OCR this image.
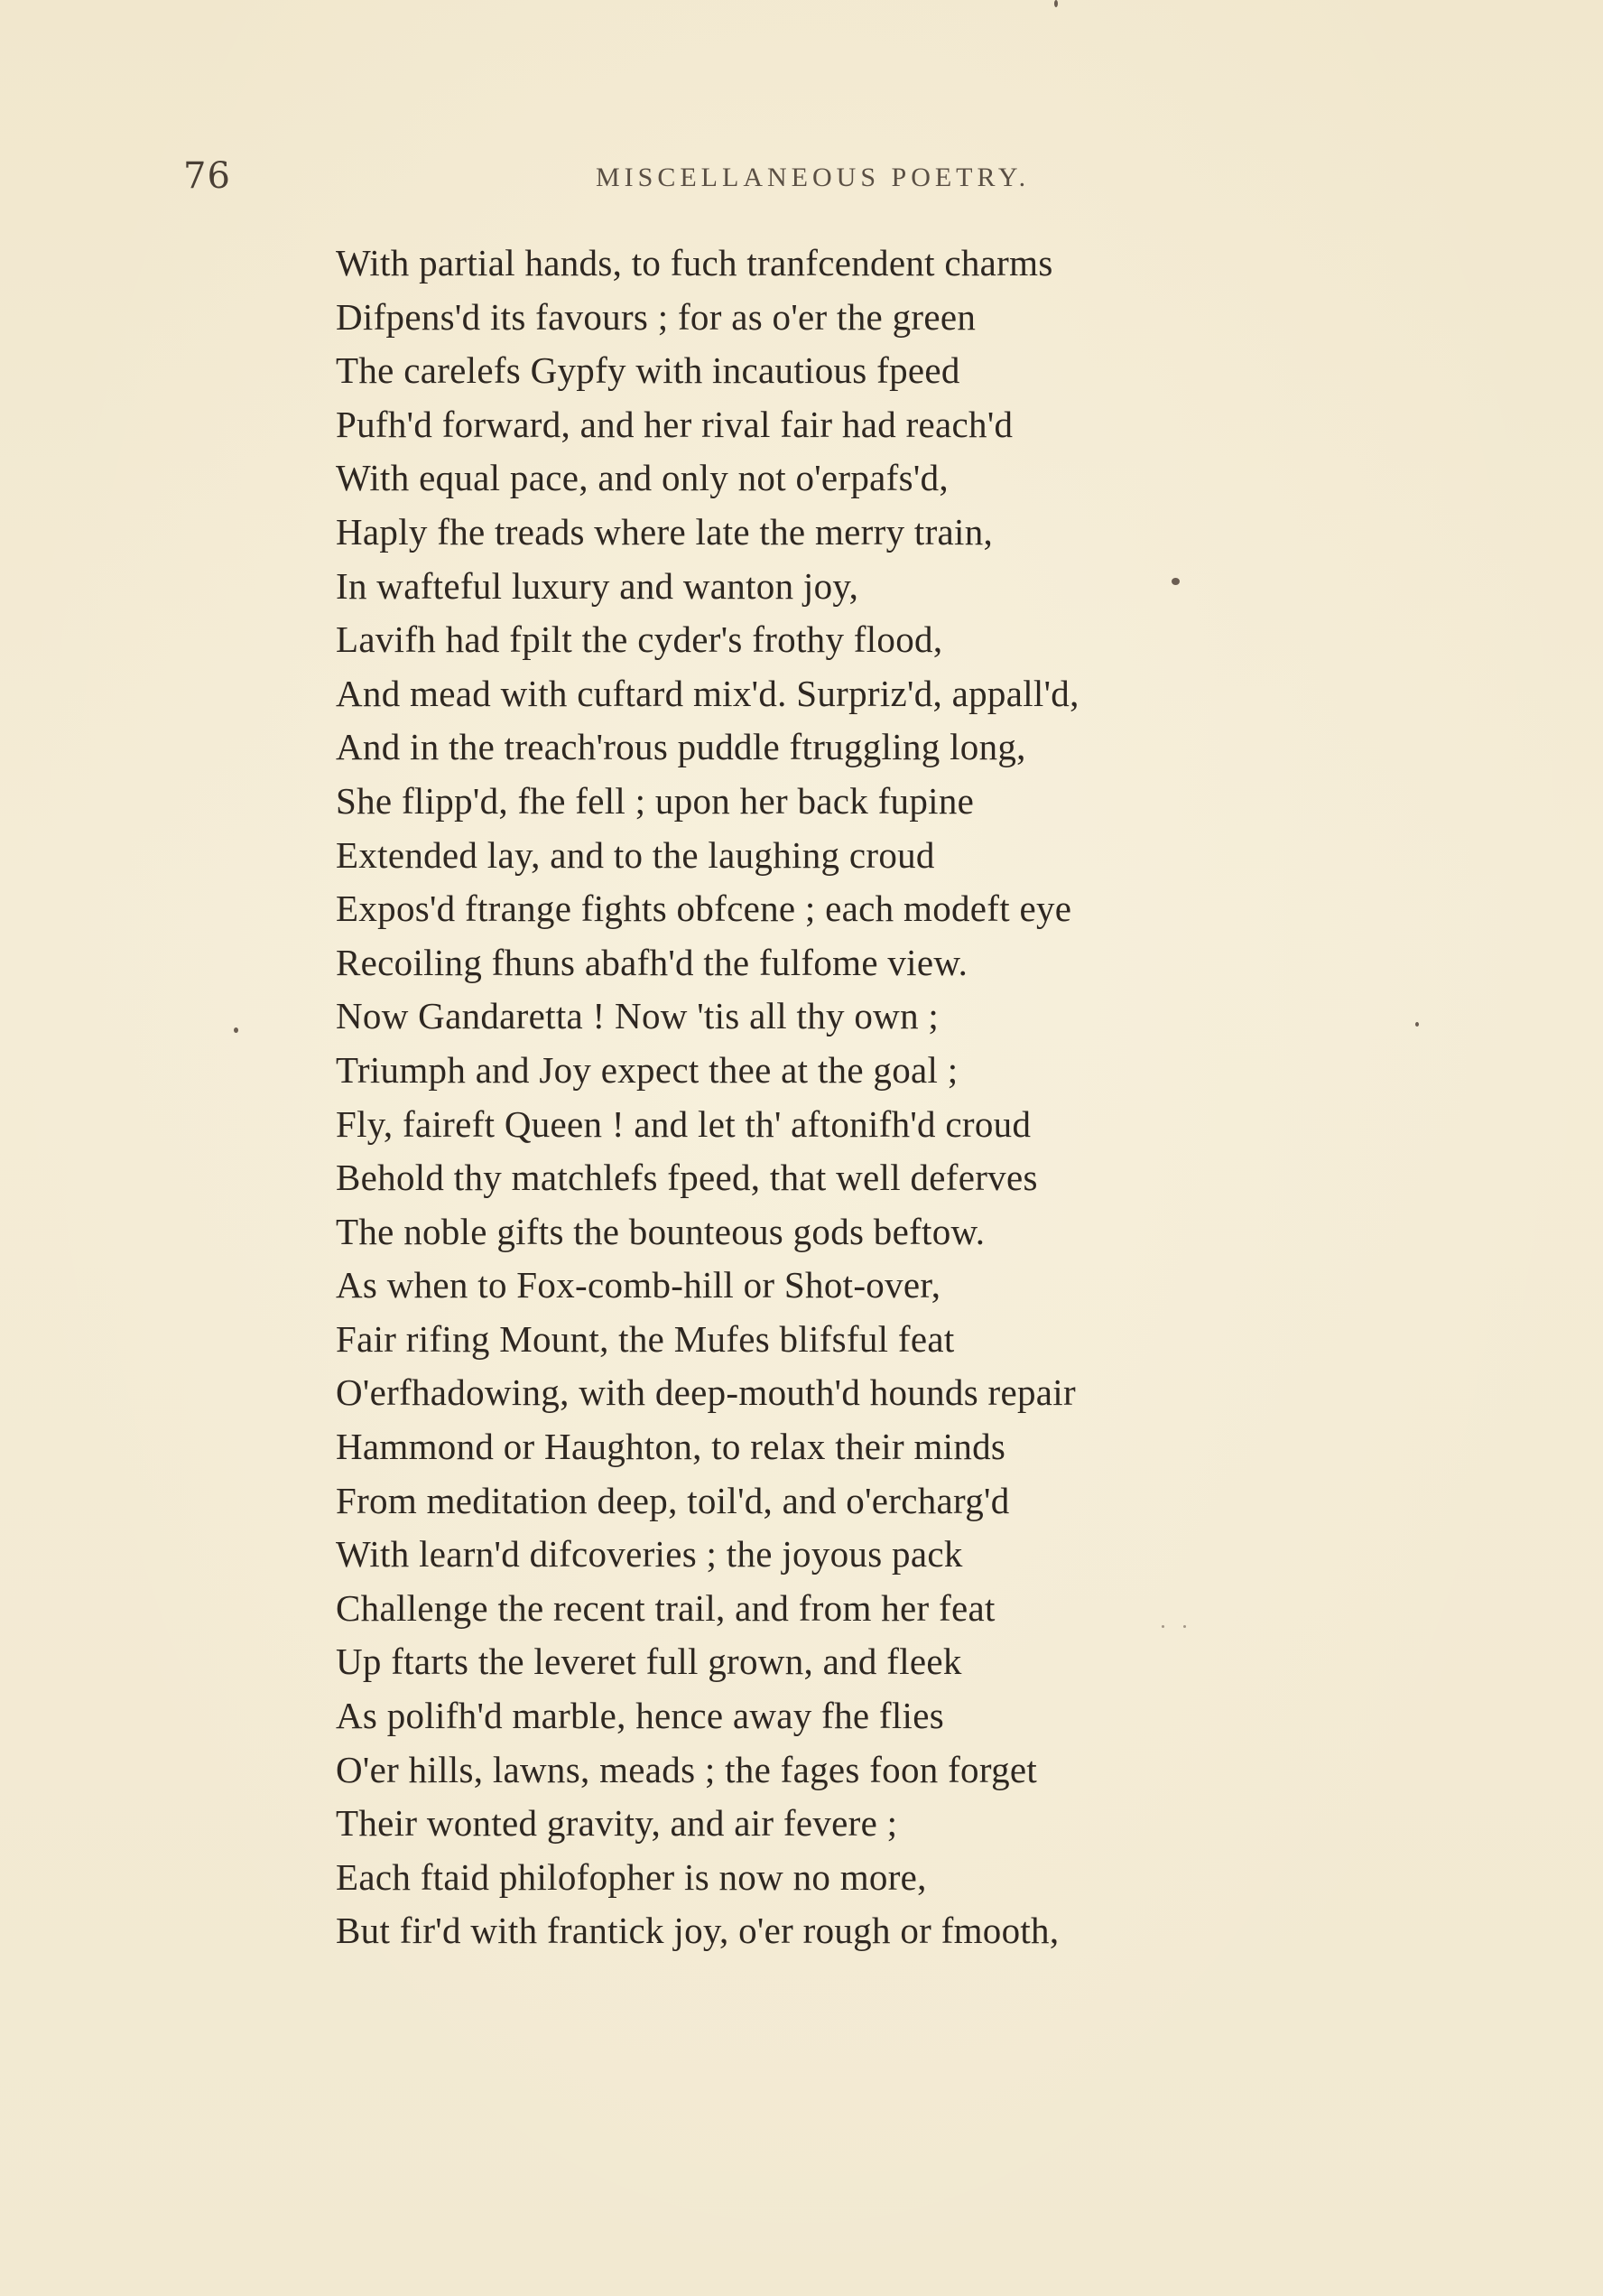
76	MISCELLANEOUS POETRY.
With partial hands, to fuch tranfcendent charms
Difpens'd its favours ; for as o'er the green
The carelefs Gypfy with incautious fpeed
Pufh'd forward, and her rival fair had reach'd
With equal pace, and only not o'erpafs'd,
Haply fhe treads where late the merry train,
In wafteful luxury and wanton joy,
Lavifh had fpilt the cyder's frothy flood,
And mead with cuftard mix'd. Surpriz'd, appall'd,
And in the treach'rous puddle ftruggling long,
She flipp'd, fhe fell ; upon her back fupine
Extended lay, and to the laughing croud
Expos'd ftrange fights obfcene ; each modeft eye
Recoiling fhuns abafh'd the fulfome view.
Now Gandaretta ! Now 'tis all thy own ;
Triumph and Joy expect thee at the goal ;
Fly, faireft Queen ! and let th' aftonifh'd croud
Behold thy matchlefs fpeed, that well deferves
The noble gifts the bounteous gods beftow.
As when to Fox-comb-hill or Shot-over,
Fair rifing Mount, the Mufes blifsful feat
O'erfhadowing, with deep-mouth'd hounds repair
Hammond or Haughton, to relax their minds
From meditation deep, toil'd, and o'ercharg'd
With learn'd difcoveries ; the joyous pack
Challenge the recent trail, and from her feat
Up ftarts the leveret full grown, and fleek
As polifh'd marble, hence away fhe flies
O'er hills, lawns, meads ; the fages foon forget
Their wonted gravity, and air fevere ;
Each ftaid philofopher is now no more,
But fir'd with frantick joy, o'er rough or fmooth,
